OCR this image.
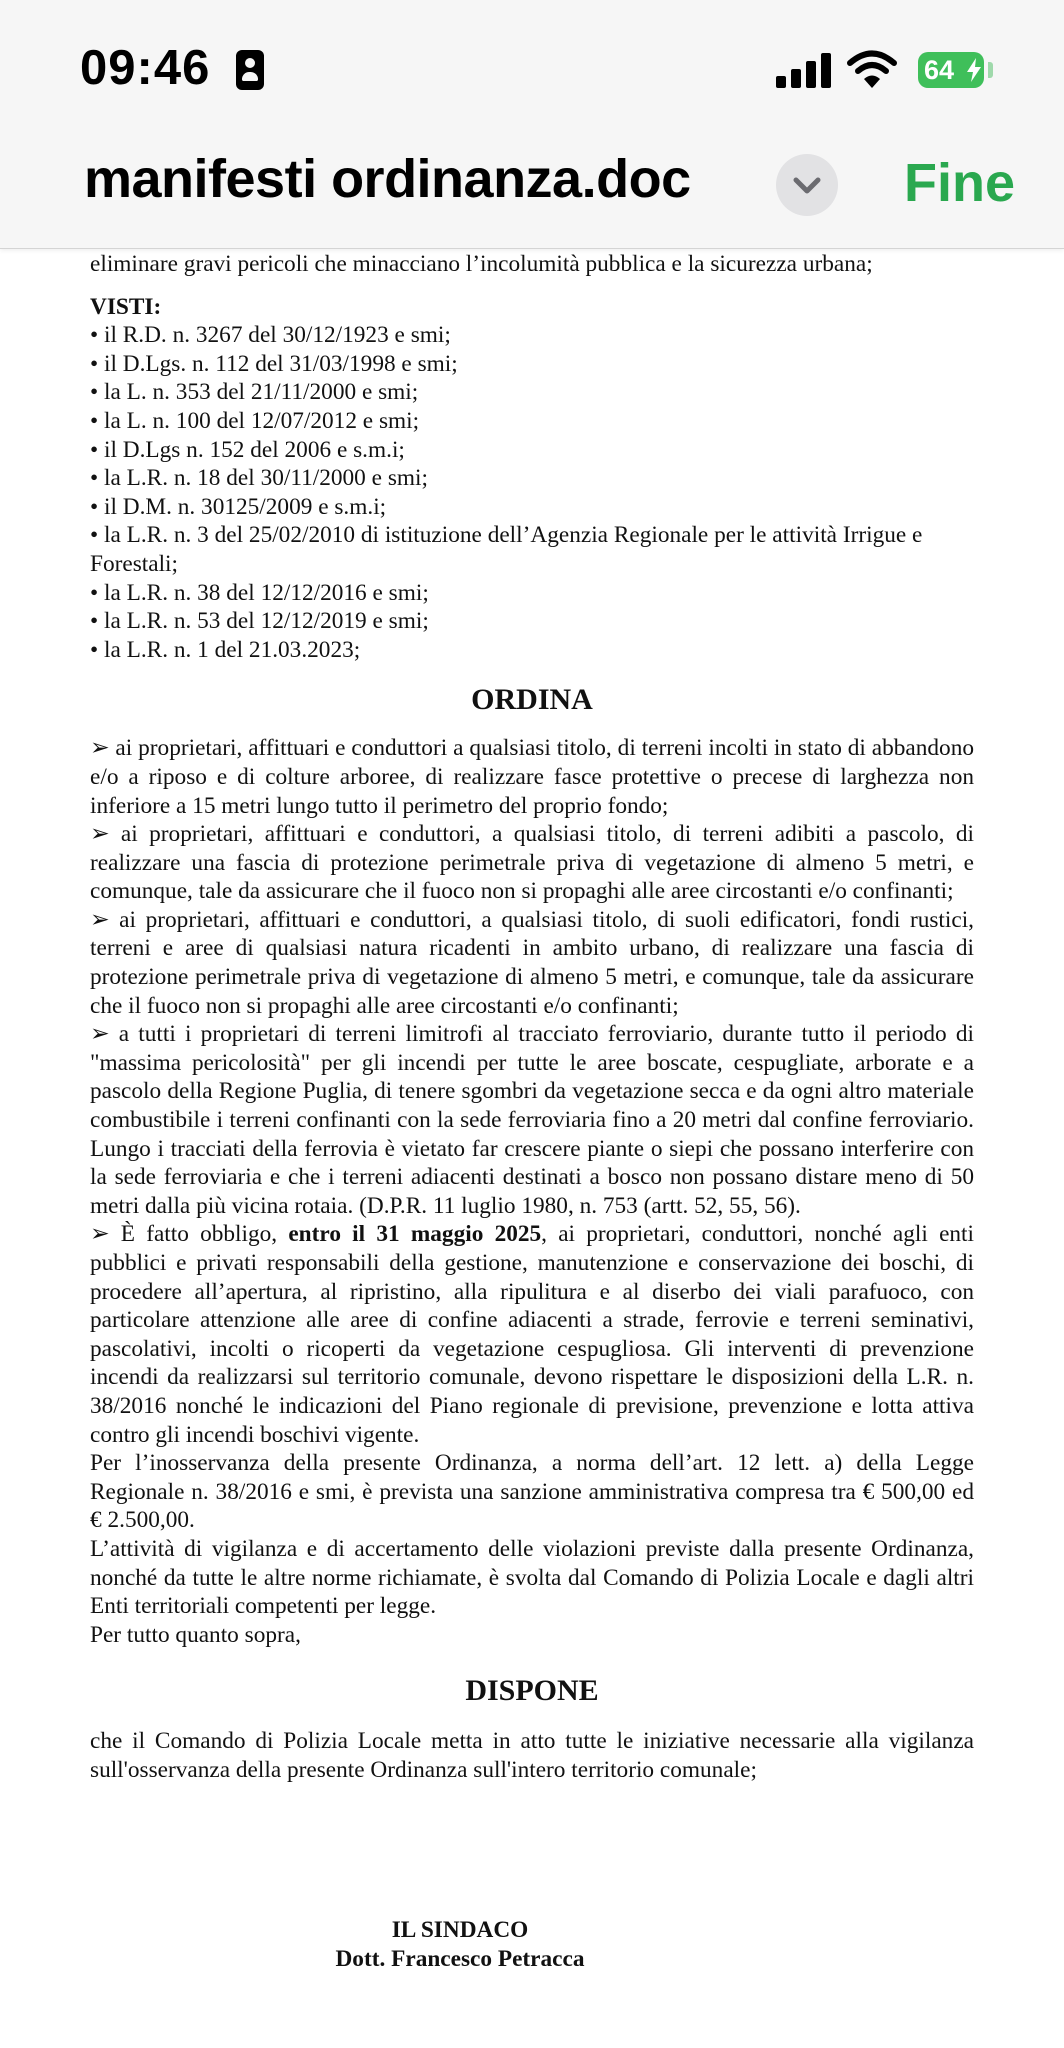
09:46	64
manifesti ordinanza.doc	Fine

eliminare gravi pericoli che minacciano l’incolumità pubblica e la sicurezza urbana;

VISTI:

• il R.D. n. 3267 del 30/12/1923 e smi;

• il D.Lgs. n. 112 del 31/03/1998 e smi;

• la L. n. 353 del 21/11/2000 e smi;

• la L. n. 100 del 12/07/2012 e smi;

• il D.Lgs n. 152 del 2006 e s.m.i;

• la L.R. n. 18 del 30/11/2000 e smi;

• il D.M. n. 30125/2009 e s.m.i;

• la L.R. n. 3 del 25/02/2010 di istituzione dell’Agenzia Regionale per le attività Irrigue e Forestali;

• la L.R. n. 38 del 12/12/2016 e smi;

• la L.R. n. 53 del 12/12/2019 e smi;

• la L.R. n. 1 del 21.03.2023;

ORDINA

➢ ai proprietari, affittuari e conduttori a qualsiasi titolo, di terreni incolti in stato di abbandono e/o a riposo e di colture arboree, di realizzare fasce protettive o precese di larghezza non inferiore a 15 metri lungo tutto il perimetro del proprio fondo;

➢ ai proprietari, affittuari e conduttori, a qualsiasi titolo, di terreni adibiti a pascolo, di realizzare una fascia di protezione perimetrale priva di vegetazione di almeno 5 metri, e comunque, tale da assicurare che il fuoco non si propaghi alle aree circostanti e/o confinanti;

➢ ai proprietari, affittuari e conduttori, a qualsiasi titolo, di suoli edificatori, fondi rustici, terreni e aree di qualsiasi natura ricadenti in ambito urbano, di realizzare una fascia di protezione perimetrale priva di vegetazione di almeno 5 metri, e comunque, tale da assicurare che il fuoco non si propaghi alle aree circostanti e/o confinanti;

➢ a tutti i proprietari di terreni limitrofi al tracciato ferroviario, durante tutto il periodo di "massima pericolosità" per gli incendi per tutte le aree boscate, cespugliate, arborate e a pascolo della Regione Puglia, di tenere sgombri da vegetazione secca e da ogni altro materiale combustibile i terreni confinanti con la sede ferroviaria fino a 20 metri dal confine ferroviario. Lungo i tracciati della ferrovia è vietato far crescere piante o siepi che possano interferire con la sede ferroviaria e che i terreni adiacenti destinati a bosco non possano distare meno di 50 metri dalla più vicina rotaia. (D.P.R. 11 luglio 1980, n. 753 (artt. 52, 55, 56).

➢ È fatto obbligo, entro il 31 maggio 2025, ai proprietari, conduttori, nonché agli enti pubblici e privati responsabili della gestione, manutenzione e conservazione dei boschi, di procedere all’apertura, al ripristino, alla ripulitura e al diserbo dei viali parafuoco, con particolare attenzione alle aree di confine adiacenti a strade, ferrovie e terreni seminativi, pascolativi, incolti o ricoperti da vegetazione cespugliosa. Gli interventi di prevenzione incendi da realizzarsi sul territorio comunale, devono rispettare le disposizioni della L.R. n. 38/2016 nonché le indicazioni del Piano regionale di previsione, prevenzione e lotta attiva contro gli incendi boschivi vigente.

Per l’inosservanza della presente Ordinanza, a norma dell’art. 12 lett. a) della Legge Regionale n. 38/2016 e smi, è prevista una sanzione amministrativa compresa tra € 500,00 ed € 2.500,00.

L’attività di vigilanza e di accertamento delle violazioni previste dalla presente Ordinanza, nonché da tutte le altre norme richiamate, è svolta dal Comando di Polizia Locale e dagli altri Enti territoriali competenti per legge.

Per tutto quanto sopra,

DISPONE

che il Comando di Polizia Locale metta in atto tutte le iniziative necessarie alla vigilanza sull'osservanza della presente Ordinanza sull'intero territorio comunale;

IL SINDACO
Dott. Francesco Petracca
